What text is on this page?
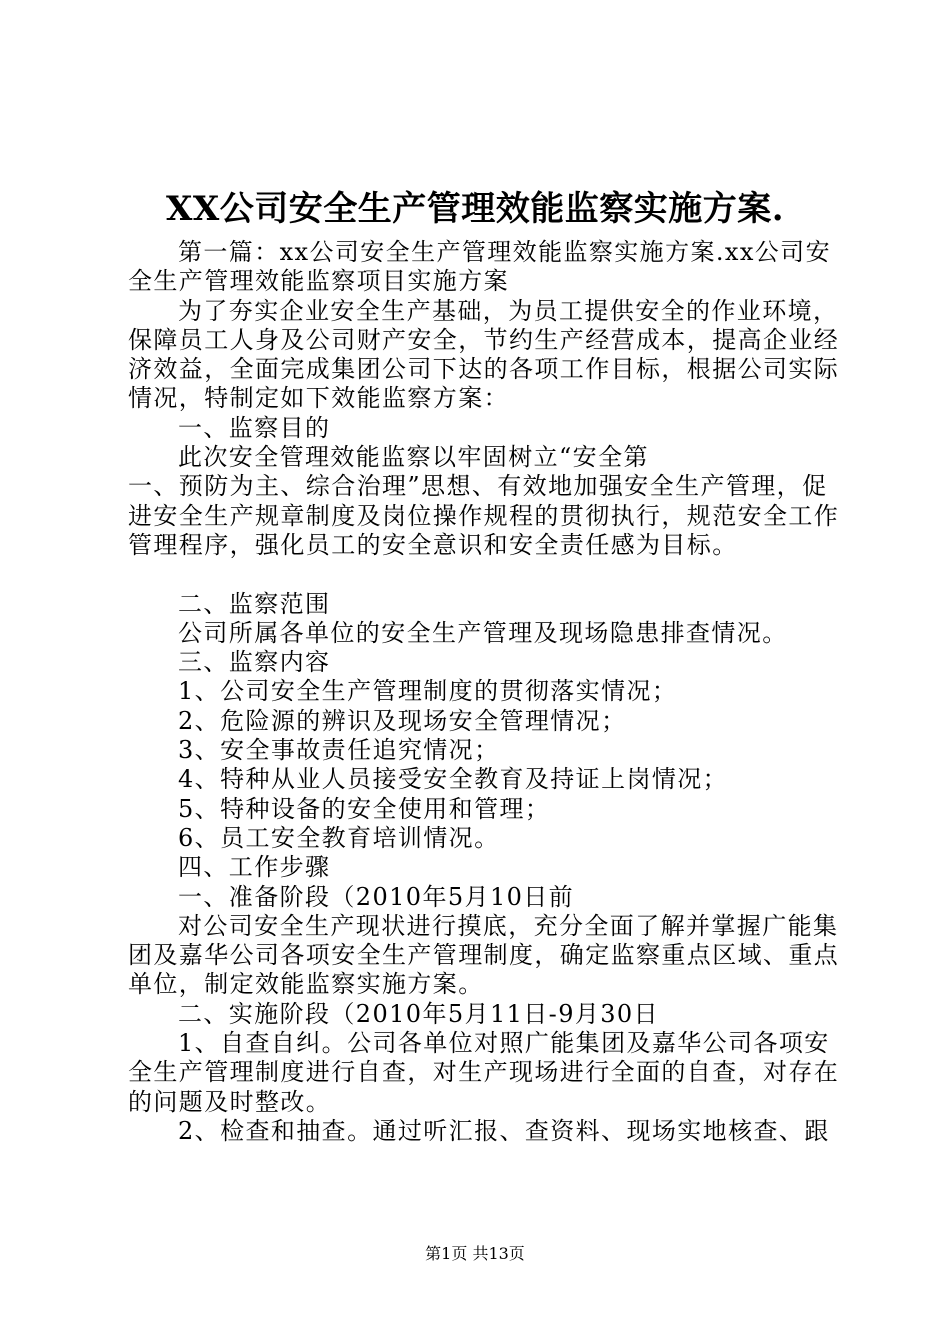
XX公司安全生产管理效能监察实施方案.

第一篇：xx公司安全生产管理效能监察实施方案.xx公司安全生产管理效能监察项目实施方案

为了夯实企业安全生产基础，为员工提供安全的作业环境，保障员工人身及公司财产安全，节约生产经营成本，提高企业经济效益，全面完成集团公司下达的各项工作目标，根据公司实际情况，特制定如下效能监察方案：

一、监察目的

此次安全管理效能监察以牢固树立“安全第

一、预防为主、综合治理”思想、有效地加强安全生产管理，促进安全生产规章制度及岗位操作规程的贯彻执行，规范安全工作管理程序，强化员工的安全意识和安全责任感为目标。

二、监察范围

公司所属各单位的安全生产管理及现场隐患排查情况。

三、监察内容

1、公司安全生产管理制度的贯彻落实情况；

2、危险源的辨识及现场安全管理情况；

3、安全事故责任追究情况；

4、特种从业人员接受安全教育及持证上岗情况；

5、特种设备的安全使用和管理；

6、员工安全教育培训情况。

四、工作步骤

一、准备阶段（2010年5月10日前

对公司安全生产现状进行摸底，充分全面了解并掌握广能集团及嘉华公司各项安全生产管理制度，确定监察重点区域、重点单位，制定效能监察实施方案。

二、实施阶段（2010年5月11日-9月30日

1、自查自纠。公司各单位对照广能集团及嘉华公司各项安全生产管理制度进行自查，对生产现场进行全面的自查，对存在的问题及时整改。

2、检查和抽查。通过听汇报、查资料、现场实地核查、跟

第1页 共13页
